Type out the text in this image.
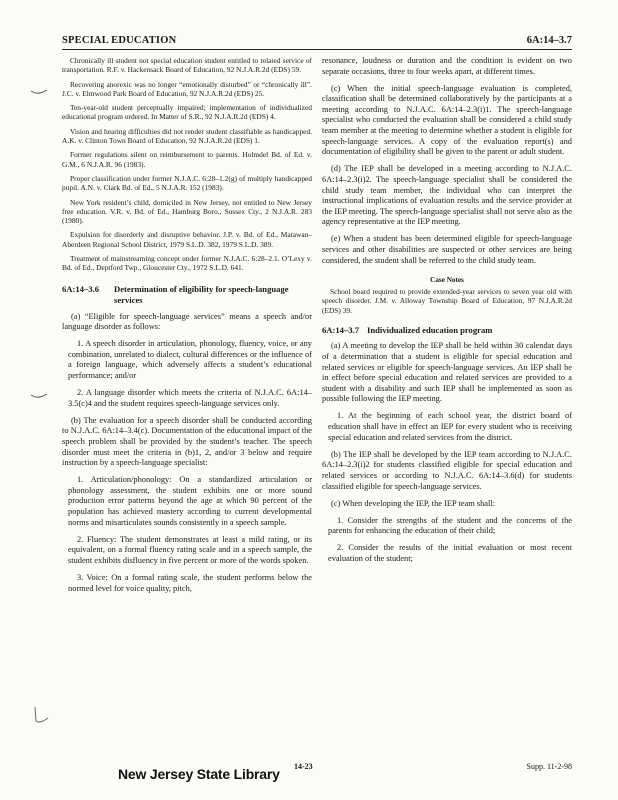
SPECIAL EDUCATION	6A:14–3.7

Chronically ill student not special education student entitled to related service of transportation. R.F. v. Hackensack Board of Education, 92 N.J.A.R.2d (EDS) 59.

Recovering anorexic was no longer “emotionally disturbed” or “chronically ill”. J.C. v. Elmwood Park Board of Education, 92 N.J.A.R.2d (EDS) 25.

Ten-year-old student perceptually impaired; implementation of individualized educational program ordered. In Matter of S.R., 92 N.J.A.R.2d (EDS) 4.

Vision and hearing difficulties did not render student classifiable as handicapped. A.K. v. Clinton Town Board of Education, 92 N.J.A.R.2d (EDS) 1.

Former regulations silent on reimbursement to parents. Holmdel Bd. of Ed. v. G.M., 6 N.J.A.R. 96 (1983).

Proper classification under former N.J.A.C. 6:28–1.2(g) of multiply handicapped pupil. A.N. v. Clark Bd. of Ed., 5 N.J.A.R. 152 (1983).

New York resident’s child, domiciled in New Jersey, not entitled to New Jersey free education. V.R. v. Bd. of Ed., Hamburg Boro., Sussex Cty., 2 N.J.A.R. 283 (1980).

Expulsion for disorderly and disruptive behavior. J.P. v. Bd. of Ed., Matawan–Aberdeen Regional School District, 1979 S.L.D. 382, 1979 S.L.D. 389.

Treatment of mainstreaming concept under former N.J.A.C. 6:28–2.1. O’Lexy v. Bd. of Ed., Deptford Twp., Gloucester Cty., 1972 S.L.D. 641.

6A:14–3.6 Determination of eligibility for speech-language services

(a) “Eligible for speech-language services” means a speech and/or language disorder as follows:

1. A speech disorder in articulation, phonology, fluency, voice, or any combination, unrelated to dialect, cultural differences or the influence of a foreign language, which adversely affects a student’s educational performance; and/or

2. A language disorder which meets the criteria of N.J.A.C. 6A:14–3.5(c)4 and the student requires speech-language services only.

(b) The evaluation for a speech disorder shall be conducted according to N.J.A.C. 6A:14–3.4(c). Documentation of the educational impact of the speech problem shall be provided by the student’s teacher. The speech disorder must meet the criteria in (b)1, 2, and/or 3 below and require instruction by a speech-language specialist:

1. Articulation/phonology: On a standardized articulation or phonology assessment, the student exhibits one or more sound production error patterns beyond the age at which 90 percent of the population has achieved mastery according to current developmental norms and misarticulates sounds consistently in a speech sample.

2. Fluency: The student demonstrates at least a mild rating, or its equivalent, on a formal fluency rating scale and in a speech sample, the student exhibits disfluency in five percent or more of the words spoken.

3. Voice: On a formal rating scale, the student performs below the normed level for voice quality, pitch,

resonance, loudness or duration and the condition is evident on two separate occasions, three to four weeks apart, at different times.

(c) When the initial speech-language evaluation is completed, classification shall be determined collaboratively by the participants at a meeting according to N.J.A.C. 6A:14–2.3(i)1. The speech-language specialist who conducted the evaluation shall be considered a child study team member at the meeting to determine whether a student is eligible for speech-language services. A copy of the evaluation report(s) and documentation of eligibility shall be given to the parent or adult student.

(d) The IEP shall be developed in a meeting according to N.J.A.C. 6A:14–2.3(i)2. The speech-language specialist shall be considered the child study team member, the individual who can interpret the instructional implications of evaluation results and the service provider at the IEP meeting. The speech-language specialist shall not serve also as the agency representative at the IEP meeting.

(e) When a student has been determined eligible for speech-language services and other disabilities are suspected or other services are being considered, the student shall be referred to the child study team.

Case Notes

School board required to provide extended-year services to seven year old with speech disorder. J.M. v. Alloway Township Board of Education, 97 N.J.A.R.2d (EDS) 39.

6A:14–3.7 Individualized education program

(a) A meeting to develop the IEP shall be held within 30 calendar days of a determination that a student is eligible for special education and related services or eligible for speech-language services. An IEP shall be in effect before special education and related services are provided to a student with a disability and such IEP shall be implemented as soon as possible following the IEP meeting.

1. At the beginning of each school year, the district board of education shall have in effect an IEP for every student who is receiving special education and related services from the district.

(b) The IEP shall be developed by the IEP team according to N.J.A.C. 6A:14–2.3(i)2 for students classified eligible for special education and related services or according to N.J.A.C. 6A:14–3.6(d) for students classified eligible for speech-language services.

(c) When developing the IEP, the IEP team shall:

1. Consider the strengths of the student and the concerns of the parents for enhancing the education of their child;

2. Consider the results of the initial evaluation or most recent evaluation of the student;

New Jersey State Library 14-23	Supp. 11-2-98
